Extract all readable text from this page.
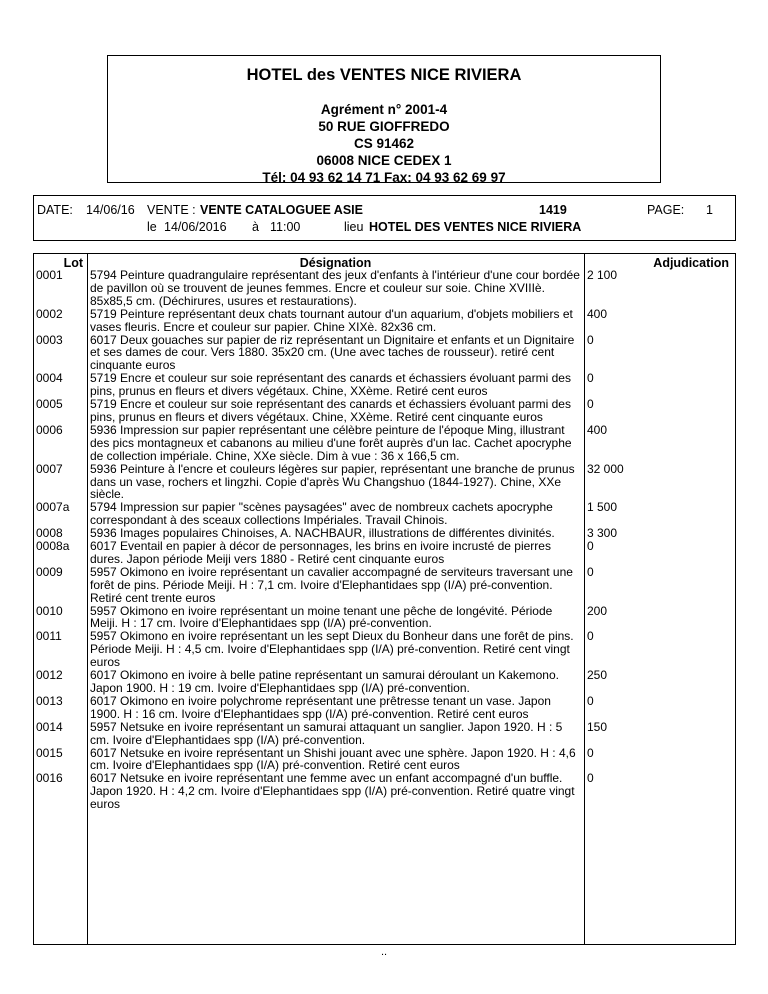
HOTEL des VENTES NICE RIVIERA
Agrément n° 2001-4
50 RUE GIOFFREDO
CS 91462
06008 NICE CEDEX 1
Tél: 04 93 62 14 71 Fax: 04 93 62 69 97
DATE: 14/06/16 VENTE : VENTE CATALOGUEE ASIE	1419	PAGE: 1
le 14/06/2016 à 11:00	lieu HOTEL DES VENTES NICE RIVIERA
Lot	Désignation	Adjudication
0001	5794 Peinture quadrangulaire représentant des jeux d'enfants à l'intérieur d'une cour bordée de pavillon où se trouvent de jeunes femmes. Encre et couleur sur soie. Chine XVIIIè. 85x85,5 cm. (Déchirures, usures et restaurations).
2 100
0002	5719 Peinture représentant deux chats tournant autour d'un aquarium, d'objets mobiliers et vases fleuris. Encre et couleur sur papier. Chine XIXè. 82x36 cm.
400
0003	6017 Deux gouaches sur papier de riz représentant un Dignitaire et enfants et un Dignitaire et ses dames de cour. Vers 1880. 35x20 cm. (Une avec taches de rousseur). retiré cent cinquante euros
0
0004	5719 Encre et couleur sur soie représentant des canards et échassiers évoluant parmi des pins, prunus en fleurs et divers végétaux. Chine, XXème. Retiré cent euros
0
0005	5719 Encre et couleur sur soie représentant des canards et échassiers évoluant parmi des pins, prunus en fleurs et divers végétaux. Chine, XXème. Retiré cent cinquante euros
0
0006	5936 Impression sur papier représentant une célèbre peinture de l'époque Ming, illustrant des pics montagneux et cabanons au milieu d'une forêt auprès d'un lac. Cachet apocryphe de collection impériale. Chine, XXe siècle. Dim à vue : 36 x 166,5 cm.
400
0007	5936 Peinture à l'encre et couleurs légères sur papier, représentant une branche de prunus dans un vase, rochers et lingzhi. Copie d'après Wu Changshuo (1844-1927). Chine, XXe siècle.
32 000
0007a	5794 Impression sur papier "scènes paysagées" avec de nombreux cachets apocryphe correspondant à des sceaux collections Impériales. Travail Chinois.
1 500
0008	5936 Images populaires Chinoises, A. NACHBAUR, illustrations de différentes divinités.	3 300
0008a	6017 Eventail en papier à décor de personnages, les brins en ivoire incrusté de pierres dures. Japon période Meiji vers 1880 - Retiré cent cinquante euros
0
0009	5957 Okimono en ivoire représentant un cavalier accompagné de serviteurs traversant une forêt de pins. Période Meiji. H : 7,1 cm. Ivoire d'Elephantidaes spp (I/A) pré-convention. Retiré cent trente euros
0
0010	5957 Okimono en ivoire représentant un moine tenant une pêche de longévité. Période Meiji. H : 17 cm. Ivoire d'Elephantidaes spp (I/A) pré-convention.
200
0011	5957 Okimono en ivoire représentant un les sept Dieux du Bonheur dans une forêt de pins.
Période Meiji. H : 4,5 cm. Ivoire d'Elephantidaes spp (I/A) pré-convention. Retiré cent vingt euros
0
0012	6017 Okimono en ivoire à belle patine représentant un samurai déroulant un Kakemono. Japon 1900. H : 19 cm. Ivoire d'Elephantidaes spp (I/A) pré-convention.
250
0013	6017 Okimono en ivoire polychrome représentant une prêtresse tenant un vase. Japon 1900. H : 16 cm. Ivoire d'Elephantidaes spp (I/A) pré-convention. Retiré cent euros
0
0014	5957 Netsuke en ivoire représentant un samurai attaquant un sanglier. Japon 1920. H : 5 cm. Ivoire d'Elephantidaes spp (I/A) pré-convention.
150
0015	6017 Netsuke en ivoire représentant un Shishi jouant avec une sphère. Japon 1920. H : 4,6 cm. Ivoire d'Elephantidaes spp (I/A) pré-convention. Retiré cent euros
0
0016	6017 Netsuke en ivoire représentant une femme avec un enfant accompagné d'un buffle. Japon 1920. H : 4,2 cm. Ivoire d'Elephantidaes spp (I/A) pré-convention. Retiré quatre vingt euros
0
..
